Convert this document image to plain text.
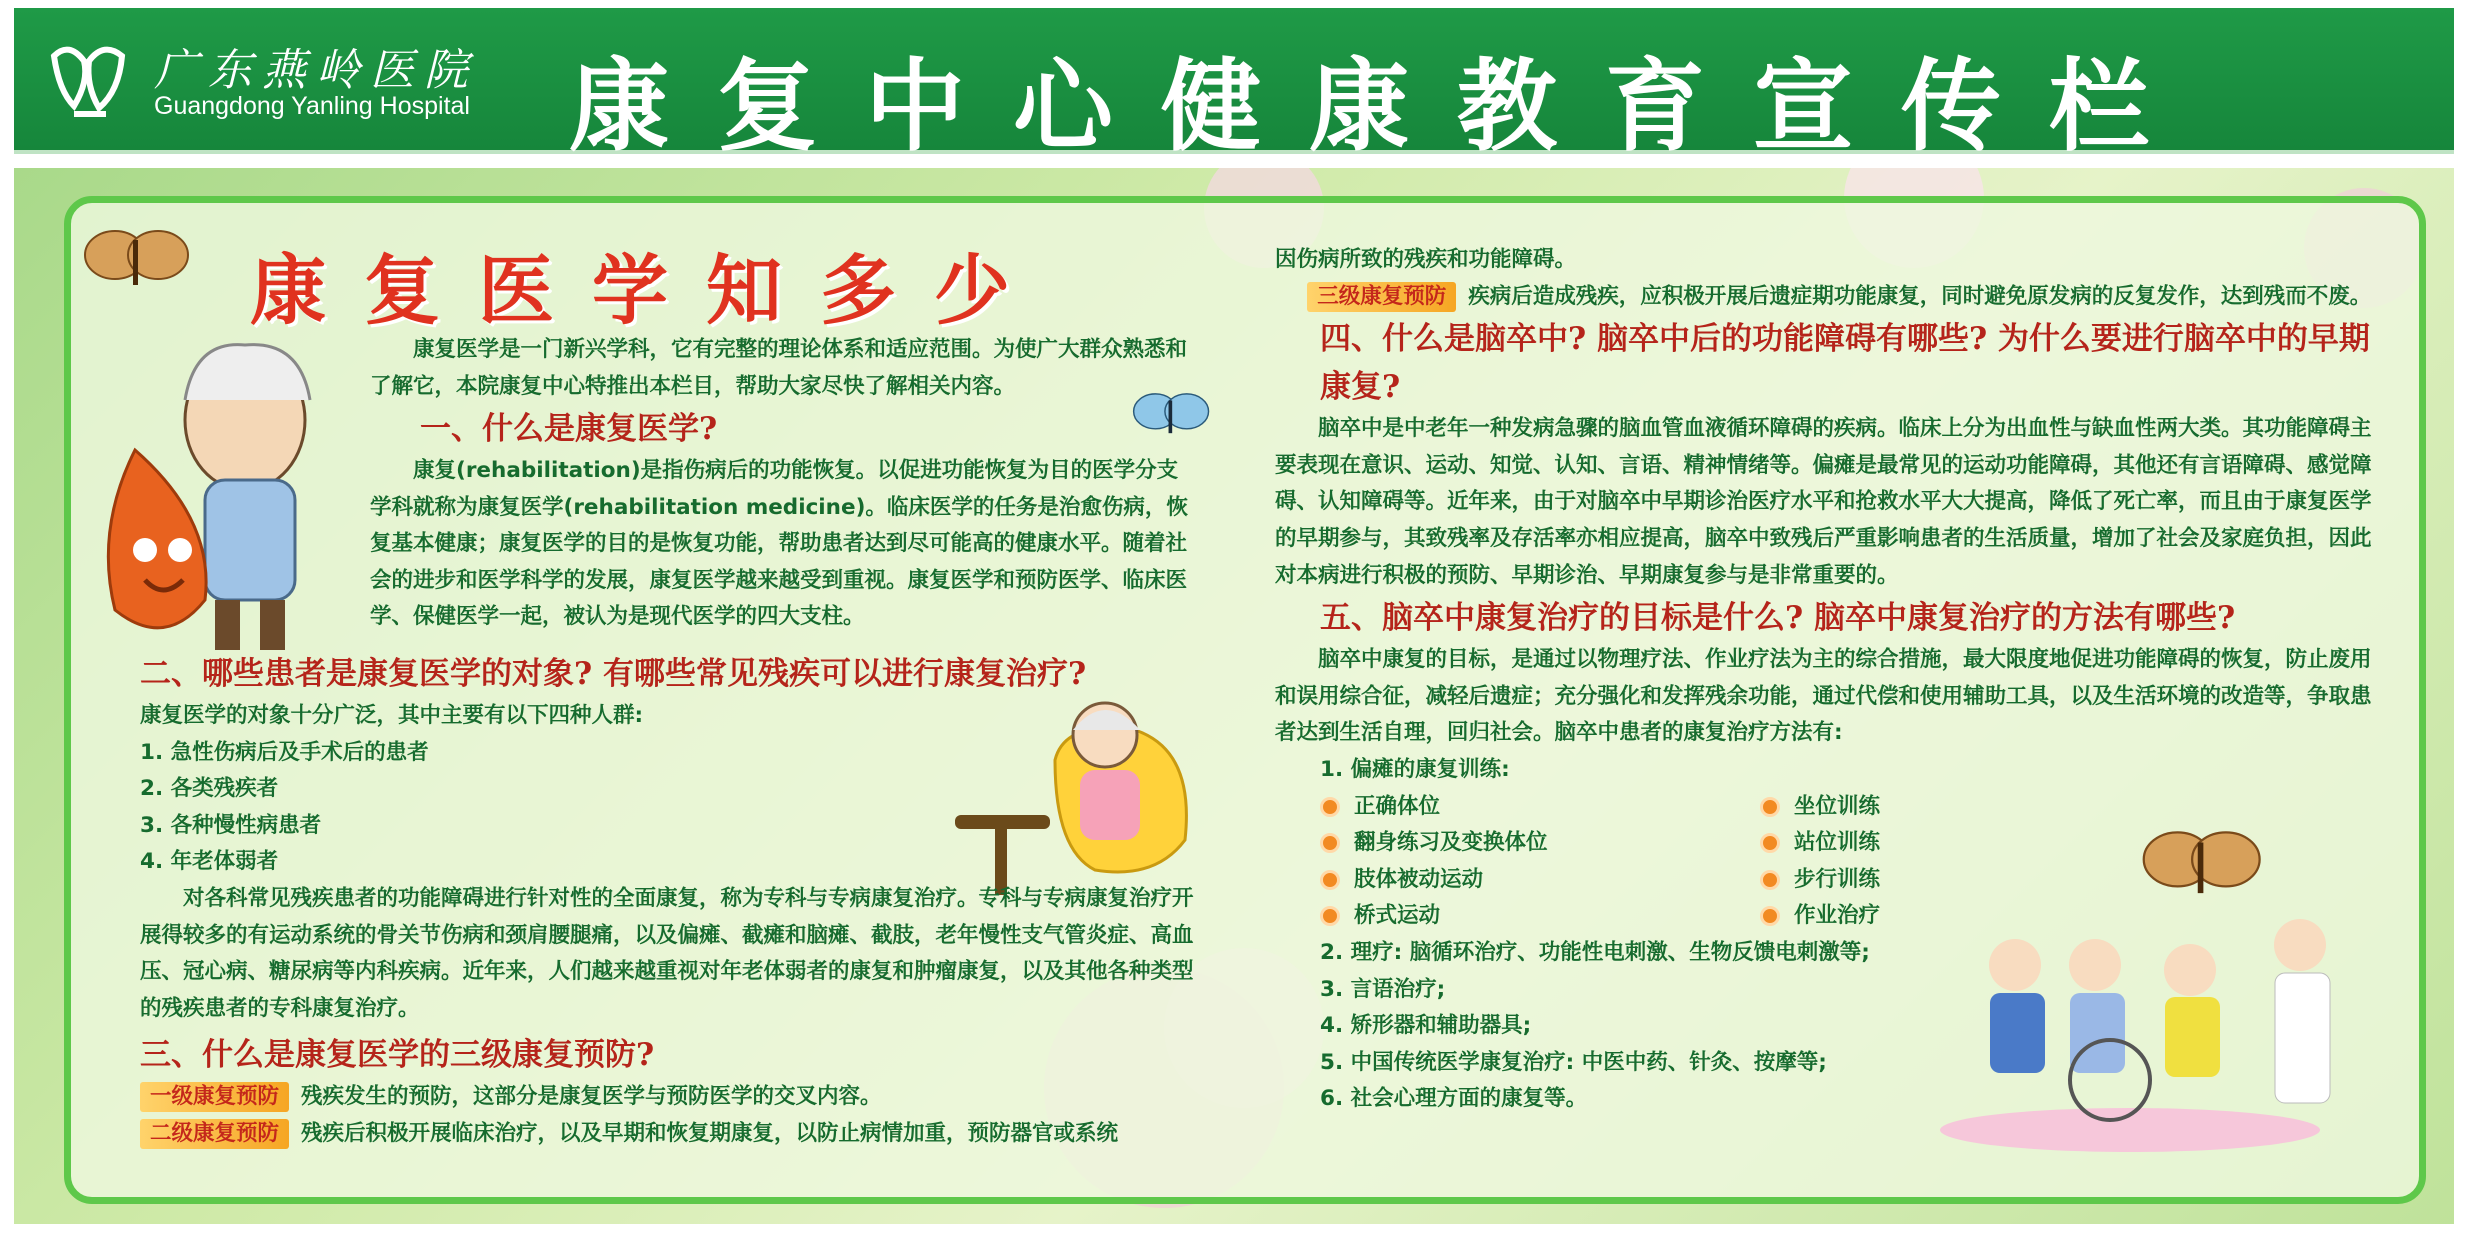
广东燕岭医院
Guangdong Yanling Hospital 康复中心健康教育宣传栏
康复医学知多少

康复医学是一门新兴学科，它有完整的理论体系和适应范围。为使广大群众熟悉和了解它，本院康复中心特推出本栏目，帮助大家尽快了解相关内容。

一、什么是康复医学?

康复(rehabilitation)是指伤病后的功能恢复。以促进功能恢复为目的医学分支学科就称为康复医学(rehabilitation medicine)。临床医学的任务是治愈伤病，恢复基本健康；康复医学的目的是恢复功能，帮助患者达到尽可能高的健康水平。随着社会的进步和医学科学的发展，康复医学越来越受到重视。康复医学和预防医学、临床医学、保健医学一起，被认为是现代医学的四大支柱。

二、哪些患者是康复医学的对象? 有哪些常见残疾可以进行康复治疗?

康复医学的对象十分广泛，其中主要有以下四种人群:

1. 急性伤病后及手术后的患者

2. 各类残疾者

3. 各种慢性病患者

4. 年老体弱者

对各科常见残疾患者的功能障碍进行针对性的全面康复，称为专科与专病康复治疗。专科与专病康复治疗开展得较多的有运动系统的骨关节伤病和颈肩腰腿痛，以及偏瘫、截瘫和脑瘫、截肢，老年慢性支气管炎症、高血压、冠心病、糖尿病等内科疾病。近年来，人们越来越重视对年老体弱者的康复和肿瘤康复，以及其他各种类型的残疾患者的专科康复治疗。

三、什么是康复医学的三级康复预防?

一级康复预防 残疾发生的预防，这部分是康复医学与预防医学的交叉内容。

二级康复预防 残疾后积极开展临床治疗，以及早期和恢复期康复，以防止病情加重，预防器官或系统

因伤病所致的残疾和功能障碍。

三级康复预防 疾病后造成残疾，应积极开展后遗症期功能康复，同时避免原发病的反复发作，达到残而不废。

四、什么是脑卒中? 脑卒中后的功能障碍有哪些? 为什么要进行脑卒中的早期康复?

脑卒中是中老年一种发病急骤的脑血管血液循环障碍的疾病。临床上分为出血性与缺血性两大类。其功能障碍主要表现在意识、运动、知觉、认知、言语、精神情绪等。偏瘫是最常见的运动功能障碍，其他还有言语障碍、感觉障碍、认知障碍等。近年来，由于对脑卒中早期诊治医疗水平和抢救水平大大提高，降低了死亡率，而且由于康复医学的早期参与，其致残率及存活率亦相应提高，脑卒中致残后严重影响患者的生活质量，增加了社会及家庭负担，因此对本病进行积极的预防、早期诊治、早期康复参与是非常重要的。

五、脑卒中康复治疗的目标是什么? 脑卒中康复治疗的方法有哪些?

脑卒中康复的目标，是通过以物理疗法、作业疗法为主的综合措施，最大限度地促进功能障碍的恢复，防止废用和误用综合征，减轻后遗症；充分强化和发挥残余功能，通过代偿和使用辅助工具，以及生活环境的改造等，争取患者达到生活自理，回归社会。脑卒中患者的康复治疗方法有:

1. 偏瘫的康复训练:

正确体位

翻身练习及变换体位

肢体被动运动

桥式运动

坐位训练

站位训练

步行训练

作业治疗

2. 理疗: 脑循环治疗、功能性电刺激、生物反馈电刺激等;

3. 言语治疗;

4. 矫形器和辅助器具;

5. 中国传统医学康复治疗: 中医中药、针灸、按摩等;

6. 社会心理方面的康复等。
